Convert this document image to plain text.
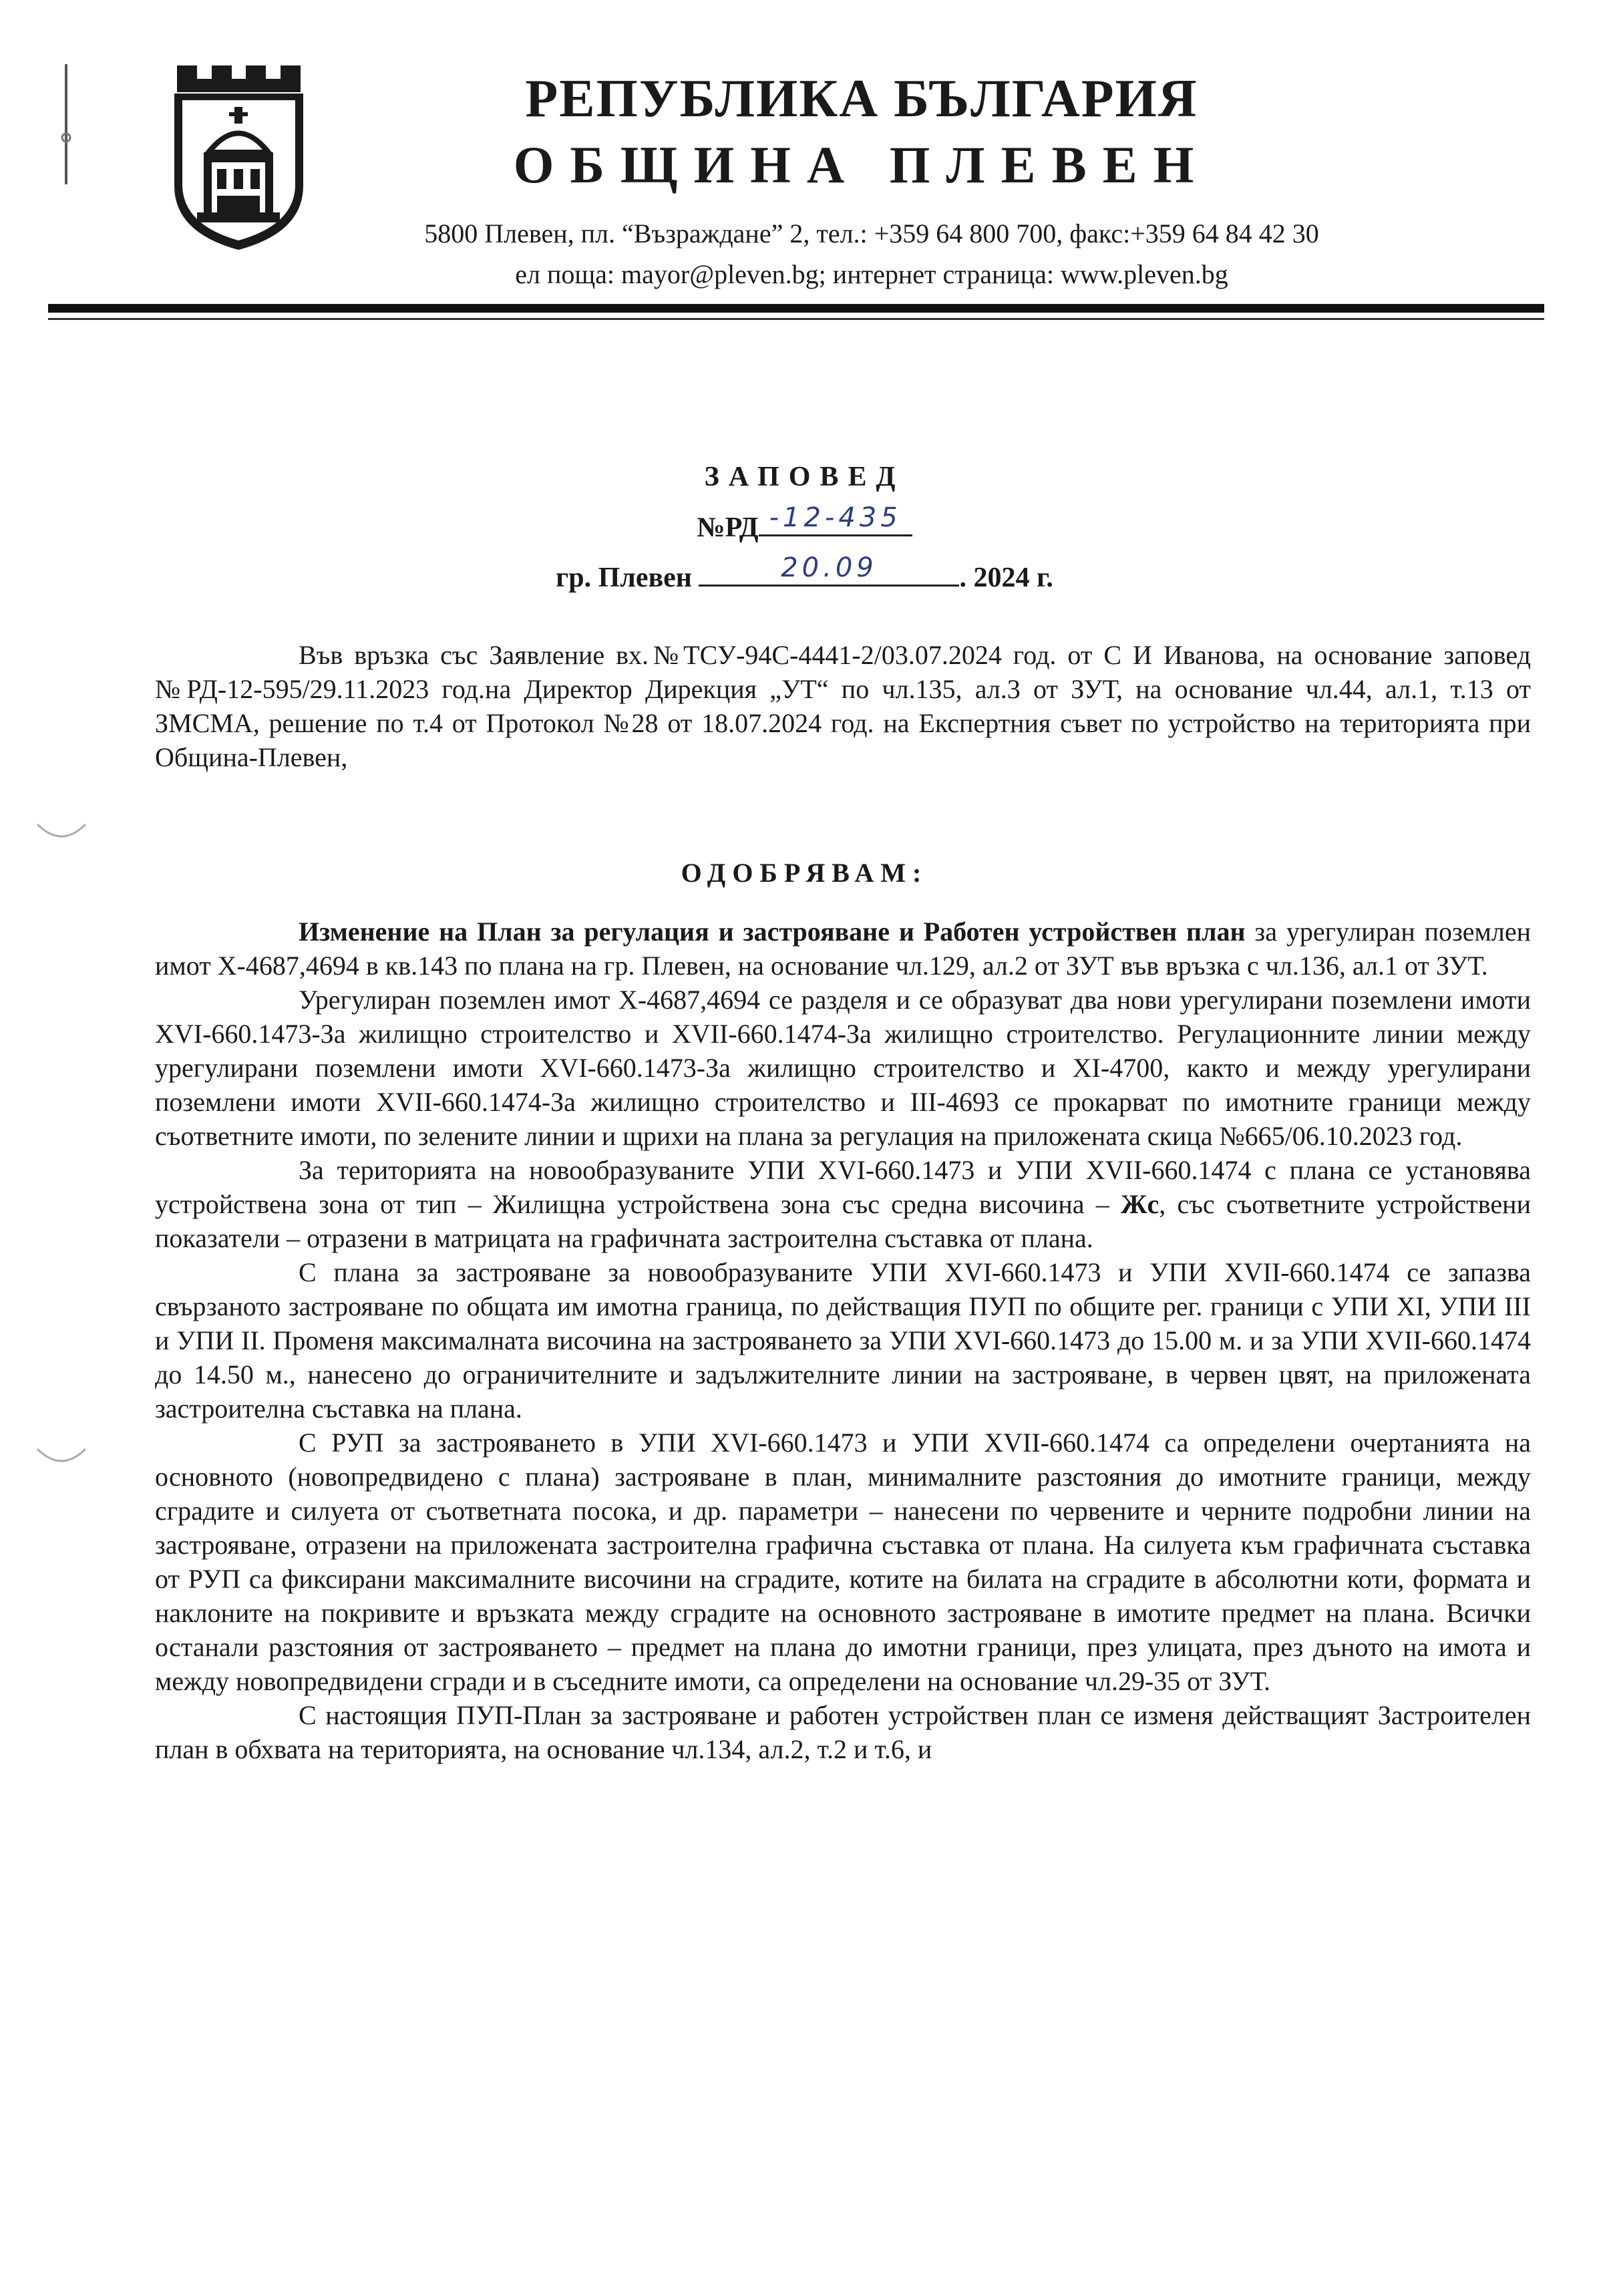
РЕПУБЛИКА БЪЛГАРИЯ
ОБЩИНА ПЛЕВЕН
5800 Плевен, пл. “Възраждане” 2, тел.: +359 64 800 700, факс:+359 64 84 42 30
ел поща: mayor@pleven.bg; интернет страница: www.pleven.bg
ЗАПОВЕД
№РД -12-435
гр. Плевен	20.09	. 2024 г.

Във връзка със Заявление вх.№ТСУ-94С-4441-2/03.07.2024 год. от С И Иванова, на основание заповед №РД-12-595/29.11.2023 год.на Директор Дирекция „УТ“ по чл.135, ал.3 от ЗУТ, на основание чл.44, ал.1, т.13 от ЗМСМА, решение по т.4 от Протокол №28 от 18.07.2024 год. на Експертния съвет по устройство на територията при Община-Плевен,

ОДОБРЯВАМ:

Изменение на План за регулация и застрояване и Работен устройствен план за урегулиран поземлен имот Х-4687,4694 в кв.143 по плана на гр. Плевен, на основание чл.129, ал.2 от ЗУТ във връзка с чл.136, ал.1 от ЗУТ.

Урегулиран поземлен имот Х-4687,4694 се разделя и се образуват два нови урегулирани поземлени имоти XVI-660.1473-За жилищно строителство и XVII-660.1474-За жилищно строителство. Регулационните линии между урегулирани поземлени имоти XVI-660.1473-За жилищно строителство и XI-4700, както и между урегулирани поземлени имоти XVII-660.1474-За жилищно строителство и III-4693 се прокарват по имотните граници между съответните имоти, по зелените линии и щрихи на плана за регулация на приложената скица №665/06.10.2023 год.

За територията на новообразуваните УПИ XVI-660.1473 и УПИ XVII-660.1474 с плана се установява устройствена зона от тип – Жилищна устройствена зона със средна височина – Жс, със съответните устройствени показатели – отразени в матрицата на графичната застроителна съставка от плана.

С плана за застрояване за новообразуваните УПИ XVI-660.1473 и УПИ XVII-660.1474 се запазва свързаното застрояване по общата им имотна граница, по действащия ПУП по общите рег. граници с УПИ XI, УПИ III и УПИ II. Променя максималната височина на застрояването за УПИ XVI-660.1473 до 15.00 м. и за УПИ XVII-660.1474 до 14.50 м., нанесено до ограничителните и задължителните линии на застрояване, в червен цвят, на приложената застроителна съставка на плана.

С РУП за застрояването в УПИ XVI-660.1473 и УПИ XVII-660.1474 са определени очертанията на основното (новопредвидено с плана) застрояване в план, минималните разстояния до имотните граници, между сградите и силуета от съответната посока, и др. параметри – нанесени по червените и черните подробни линии на застрояване, отразени на приложената застроителна графична съставка от плана. На силуета към графичната съставка от РУП са фиксирани максималните височини на сградите, котите на билата на сградите в абсолютни коти, формата и наклоните на покривите и връзката между сградите на основното застрояване в имотите предмет на плана. Всички останали разстояния от застрояването – предмет на плана до имотни граници, през улицата, през дъното на имота и между новопредвидени сгради и в съседните имоти, са определени на основание чл.29-35 от ЗУТ.

С настоящия ПУП-План за застрояване и работен устройствен план се изменя действащият Застроителен план в обхвата на територията, на основание чл.134, ал.2, т.2 и т.6, и
